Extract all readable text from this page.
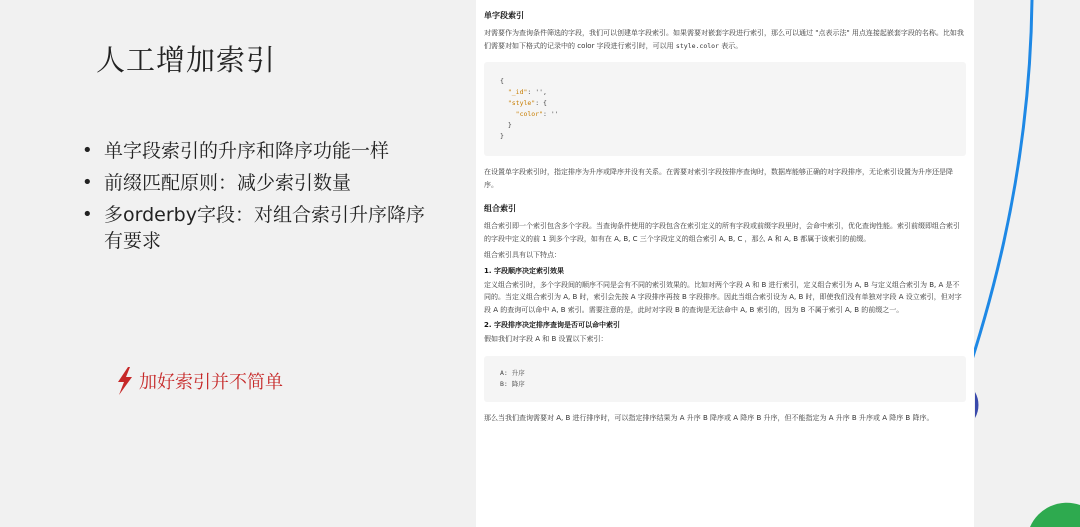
人工增加索引
• 单字段索引的升序和降序功能一样
• 前缀匹配原则：减少索引数量
• 多orderby字段：对组合索引升序降序有要求
加好索引并不简单
单字段索引

对需要作为查询条件筛选的字段，我们可以创建单字段索引。如果需要对嵌套字段进行索引，那么可以通过 "点表示法" 用点连接起嵌套字段的名称。比如我们需要对如下格式的记录中的 color 字段进行索引时，可以用 style.color 表示。

{
"_id": '',
"style": {
"color": ''
}
}

在设置单字段索引时，指定排序为升序或降序并没有关系。在需要对索引字段按排序查询时，数据库能够正确的对字段排序，无论索引设置为升序还是降序。

组合索引

组合索引即一个索引包含多个字段。当查询条件使用的字段包含在索引定义的所有字段或前缀字段里时，会命中索引，优化查询性能。索引前缀即组合索引的字段中定义的前 1 到多个字段，如有在 A, B, C 三个字段定义的组合索引 A, B, C ，那么 A 和 A, B 都属于该索引的前缀。

组合索引具有以下特点：

1. 字段顺序决定索引效果

定义组合索引时，多个字段间的顺序不同是会有不同的索引效果的。比如对两个字段 A 和 B 进行索引，定义组合索引为 A, B 与定义组合索引为 B, A 是不同的。当定义组合索引为 A, B 时，索引会先按 A 字段排序再按 B 字段排序。因此当组合索引设为 A, B 时，即使我们没有单独对字段 A 设立索引，但对字段 A 的查询可以命中 A, B 索引。需要注意的是，此时对字段 B 的查询是无法命中 A, B 索引的，因为 B 不属于索引 A, B 的前缀之一。

2. 字段排序决定排序查询是否可以命中索引

假如我们对字段 A 和 B 设置以下索引：

A: 升序
B: 降序

那么当我们查询需要对 A, B 进行排序时，可以指定排序结果为 A 升序 B 降序或 A 降序 B 升序，但不能指定为 A 升序 B 升序或 A 降序 B 降序。
